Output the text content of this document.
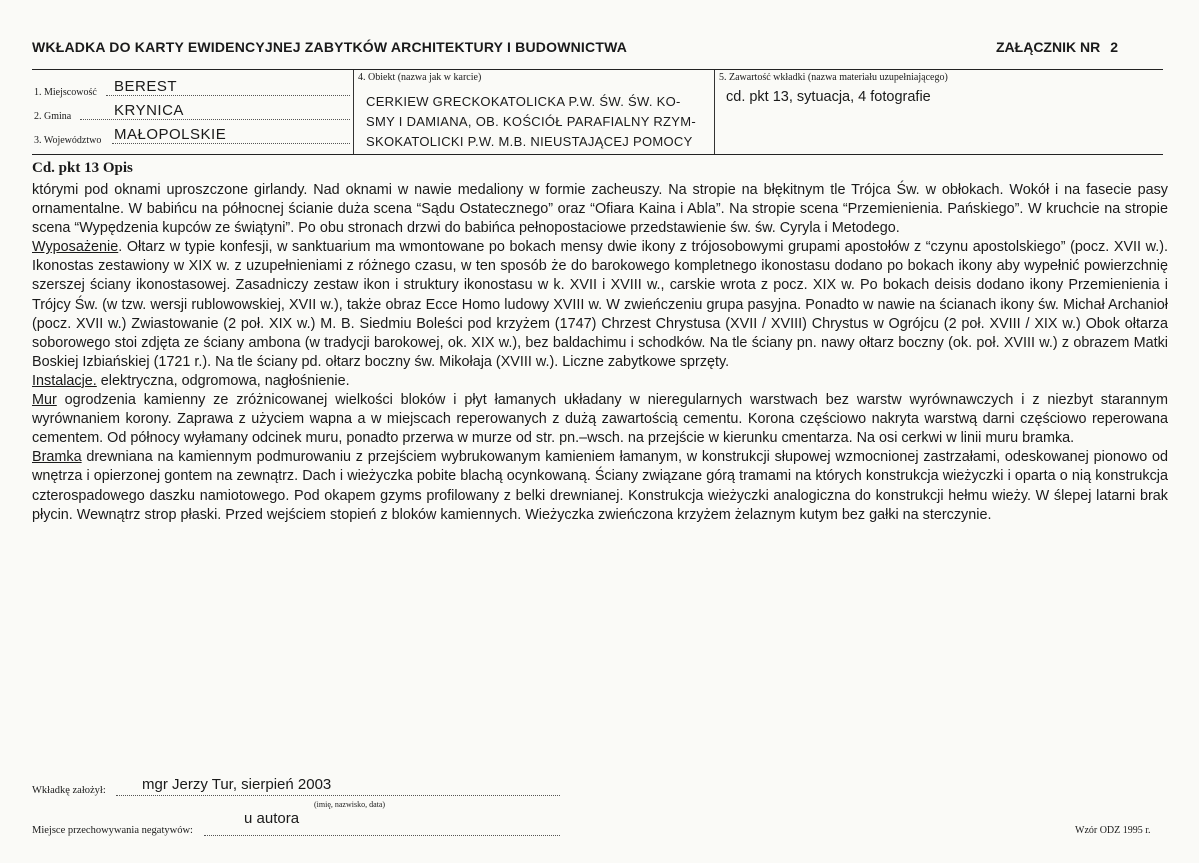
WKŁADKA DO KARTY EWIDENCYJNEJ ZABYTKÓW ARCHITEKTURY I BUDOWNICTWA	ZAŁĄCZNIK NR 2
1. Miejscowość BEREST
2. Gmina	KRYNICA
3. Województwo MAŁOPOLSKIE
4. Obiekt (nazwa jak w karcie)
CERKIEW GRECKOKATOLICKA P.W. ŚW. ŚW. KO-
SMY I DAMIANA, OB. KOŚCIÓŁ PARAFIALNY RZYM-
SKOKATOLICKI P.W. M.B. NIEUSTAJĄCEJ POMOCY
5. Zawartość wkładki (nazwa materiału uzupełniającego)
cd. pkt 13, sytuacja, 4 fotografie
Cd. pkt 13 Opis

którymi pod oknami uproszczone girlandy. Nad oknami w nawie medaliony w formie zacheuszy. Na stropie na błękitnym tle Trójca Św. w obłokach. Wokół i na fasecie pasy ornamentalne. W babińcu na północnej ścianie duża scena “Sądu Ostatecznego” oraz “Ofiara Kaina i Abla”. Na stropie scena “Przemienienia. Pańskiego”. W kruchcie na stropie scena “Wypędzenia kupców ze świątyni”. Po obu stronach drzwi do babińca pełnopostaciowe przedstawienie św. św. Cyryla i Metodego.

Wyposażenie. Ołtarz w typie konfesji, w sanktuarium ma wmontowane po bokach mensy dwie ikony z trójosobowymi grupami apostołów z “czynu apostolskiego” (pocz. XVII w.). Ikonostas zestawiony w XIX w. z uzupełnieniami z różnego czasu, w ten sposób że do barokowego kompletnego ikonostasu dodano po bokach ikony aby wypełnić powierzchnię szerszej ściany ikonostasowej. Zasadniczy zestaw ikon i struktury ikonostasu w k. XVII i XVIII w., carskie wrota z pocz. XIX w. Po bokach deisis dodano ikony Przemienienia i Trójcy Św. (w tzw. wersji rublowowskiej, XVII w.), także obraz Ecce Homo ludowy XVIII w. W zwieńczeniu grupa pasyjna. Ponadto w nawie na ścianach ikony św. Michał Archanioł (pocz. XVII w.) Zwiastowanie (2 poł. XIX w.) M. B. Siedmiu Boleści pod krzyżem (1747) Chrzest Chrystusa (XVII / XVIII) Chrystus w Ogrójcu (2 poł. XVIII / XIX w.) Obok ołtarza soborowego stoi zdjęta ze ściany ambona (w tradycji barokowej, ok. XIX w.), bez baldachimu i schodków. Na tle ściany pn. nawy ołtarz boczny (ok. poł. XVIII w.) z obrazem Matki Boskiej Izbiańskiej (1721 r.). Na tle ściany pd. ołtarz boczny św. Mikołaja (XVIII w.). Liczne zabytkowe sprzęty.

Instalacje. elektryczna, odgromowa, nagłośnienie.

Mur ogrodzenia kamienny ze zróżnicowanej wielkości bloków i płyt łamanych układany w nieregularnych warstwach bez warstw wyrównawczych i z niezbyt starannym wyrównaniem korony. Zaprawa z użyciem wapna a w miejscach reperowanych z dużą zawartością cementu. Korona częściowo nakryta warstwą darni częściowo reperowana cementem. Od północy wyłamany odcinek muru, ponadto przerwa w murze od str. pn.–wsch. na przejście w kierunku cmentarza. Na osi cerkwi w linii muru bramka.

Bramka drewniana na kamiennym podmurowaniu z przejściem wybrukowanym kamieniem łamanym, w konstrukcji słupowej wzmocnionej zastrzałami, odeskowanej pionowo od wnętrza i opierzonej gontem na zewnątrz. Dach i wieżyczka pobite blachą ocynkowaną. Ściany związane górą tramami na których konstrukcja wieżyczki i oparta o nią konstrukcja czterospadowego daszku namiotowego. Pod okapem gzyms profilowany z belki drewnianej. Konstrukcja wieżyczki analogiczna do konstrukcji hełmu wieży. W ślepej latarni brak płycin. Wewnątrz strop płaski. Przed wejściem stopień z bloków kamiennych. Wieżyczka zwieńczona krzyżem żelaznym kutym bez gałki na sterczynie.

Wkładkę założył: mgr Jerzy Tur, sierpień 2003
(imię, nazwisko, data)
Miejsce przechowywania negatywów:
u autora
Wzór ODZ 1995 r.
